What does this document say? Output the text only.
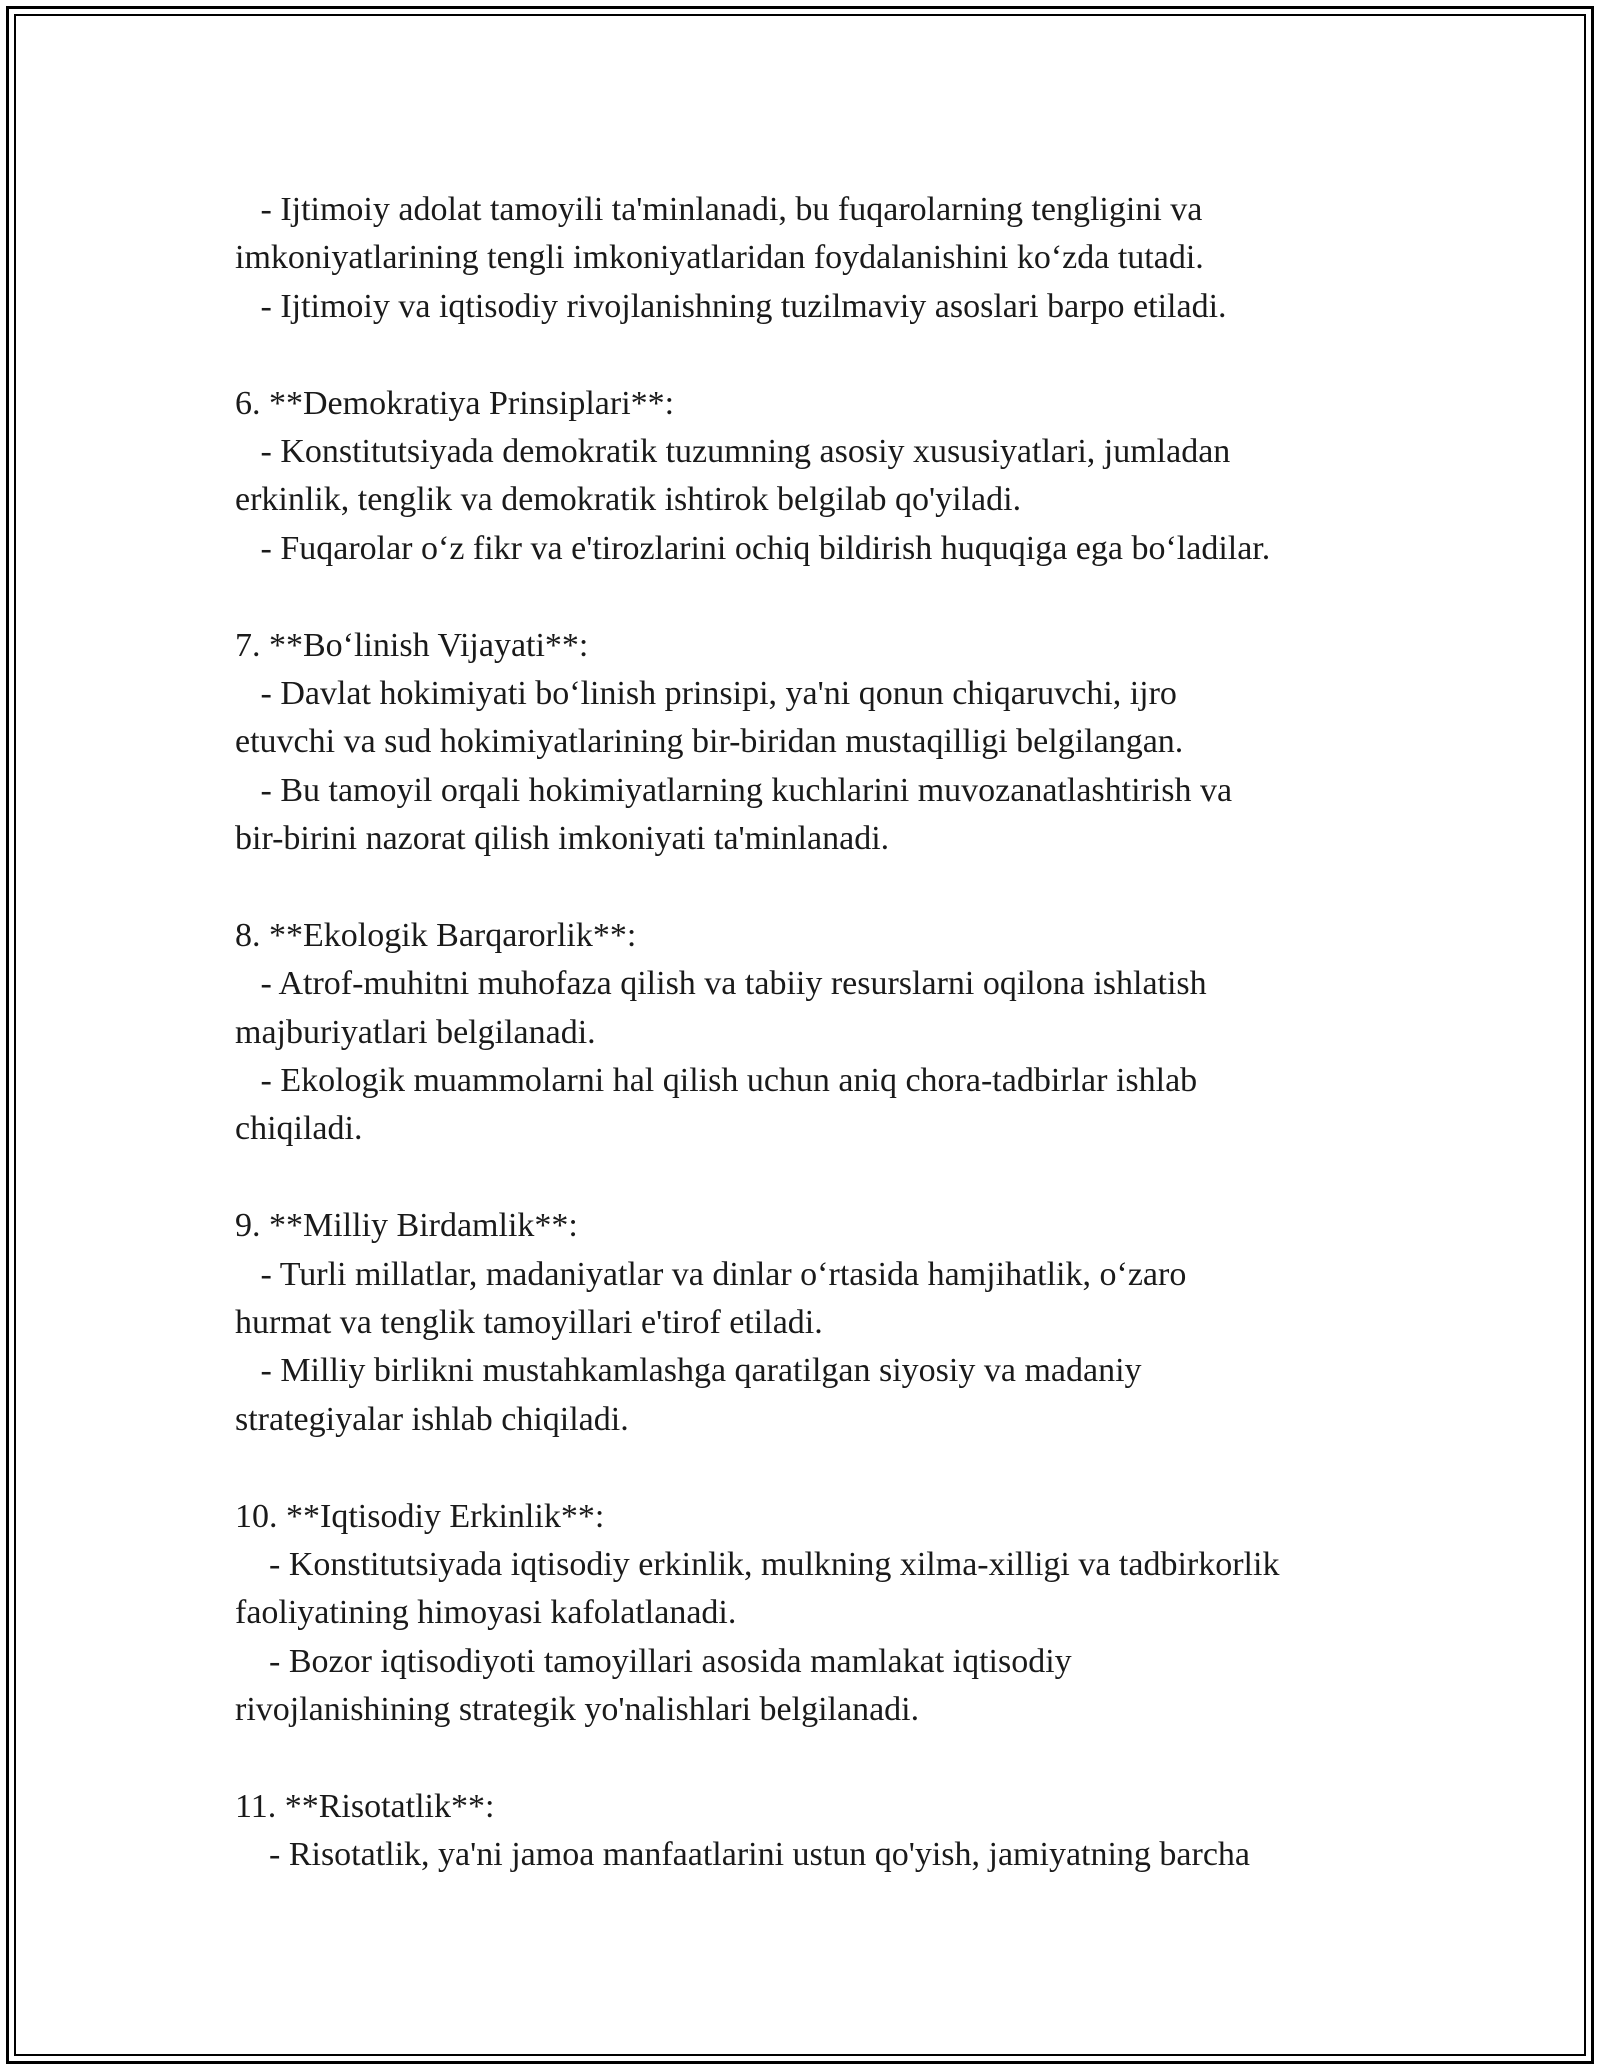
- Ijtimoiy adolat tamoyili ta'minlanadi, bu fuqarolarning tengligini va
imkoniyatlarining tengli imkoniyatlaridan foydalanishini ko‘zda tutadi.
- Ijtimoiy va iqtisodiy rivojlanishning tuzilmaviy asoslari barpo etiladi.
6. **Demokratiya Prinsiplari**:
- Konstitutsiyada demokratik tuzumning asosiy xususiyatlari, jumladan
erkinlik, tenglik va demokratik ishtirok belgilab qo'yiladi.
- Fuqarolar o‘z fikr va e'tirozlarini ochiq bildirish huquqiga ega bo‘ladilar.
7. **Bo‘linish Vijayati**:
- Davlat hokimiyati bo‘linish prinsipi, ya'ni qonun chiqaruvchi, ijro
etuvchi va sud hokimiyatlarining bir-biridan mustaqilligi belgilangan.
- Bu tamoyil orqali hokimiyatlarning kuchlarini muvozanatlashtirish va
bir-birini nazorat qilish imkoniyati ta'minlanadi.
8. **Ekologik Barqarorlik**:
- Atrof-muhitni muhofaza qilish va tabiiy resurslarni oqilona ishlatish
majburiyatlari belgilanadi.
- Ekologik muammolarni hal qilish uchun aniq chora-tadbirlar ishlab
chiqiladi.
9. **Milliy Birdamlik**:
- Turli millatlar, madaniyatlar va dinlar o‘rtasida hamjihatlik, o‘zaro
hurmat va tenglik tamoyillari e'tirof etiladi.
- Milliy birlikni mustahkamlashga qaratilgan siyosiy va madaniy
strategiyalar ishlab chiqiladi.
10. **Iqtisodiy Erkinlik**:
- Konstitutsiyada iqtisodiy erkinlik, mulkning xilma-xilligi va tadbirkorlik
faoliyatining himoyasi kafolatlanadi.
- Bozor iqtisodiyoti tamoyillari asosida mamlakat iqtisodiy
rivojlanishining strategik yo'nalishlari belgilanadi.
11. **Risotatlik**:
- Risotatlik, ya'ni jamoa manfaatlarini ustun qo'yish, jamiyatning barcha
